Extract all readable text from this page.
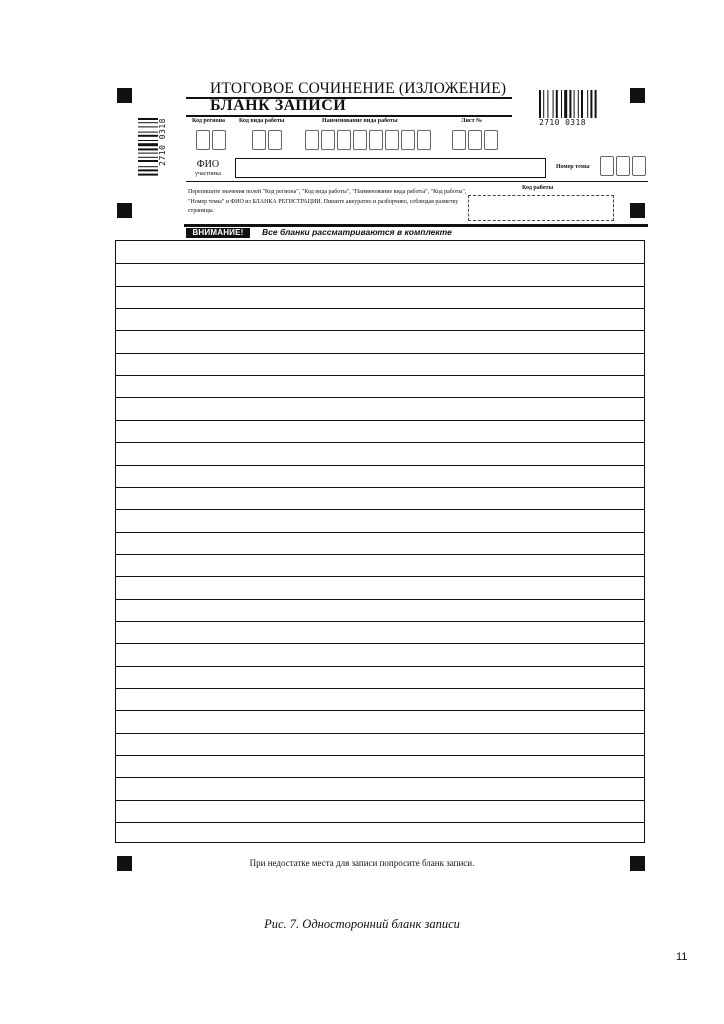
2710 0318	2710 0318
ИТОГОВОЕ СОЧИНЕНИЕ (ИЗЛОЖЕНИЕ)
БЛАНК ЗАПИСИ
Код региона Код вида работы	Наименование вида работы	Лист №
ФИО
участника
Номер темы
Перепишите значения полей "Код региона", "Код вида работы", "Наименование вида работы", "Код работы", "Номер темы" и ФИО из БЛАНКА РЕГИСТРАЦИИ. Пишите аккуратно и разборчиво, соблюдая разметку страницы.
Код работы
ВНИМАНИЕ!	Все бланки рассматриваются в комплекте
При недостатке места для записи попросите бланк записи.
Рис. 7. Односторонний бланк записи
11
